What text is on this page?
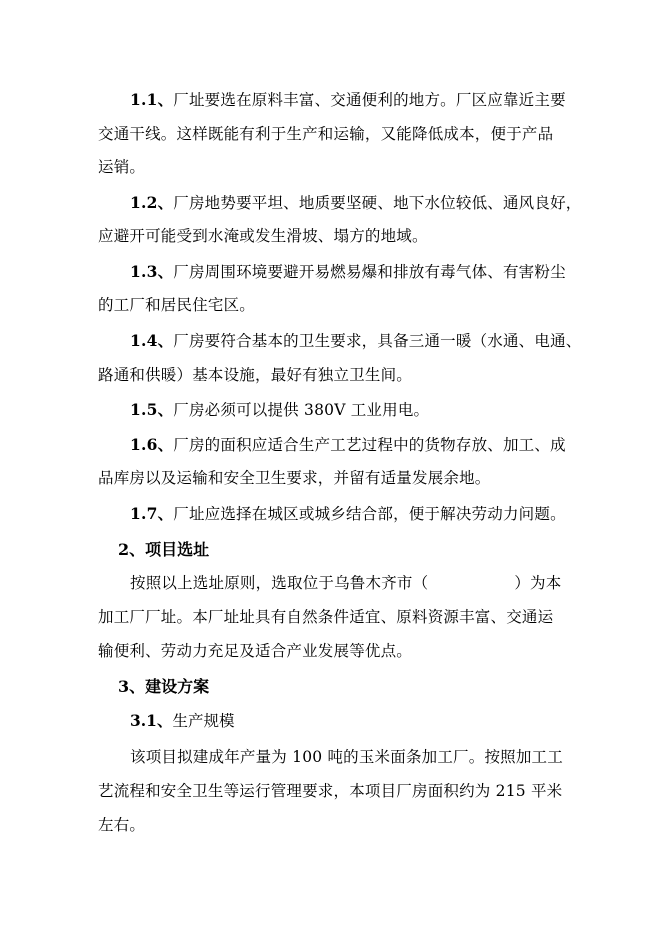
1.1、厂址要选在原料丰富、交通便利的地方。厂区应靠近主要
交通干线。这样既能有利于生产和运输，又能降低成本，便于产品
运销。
1.2、厂房地势要平坦、地质要坚硬、地下水位较低、通风良好，
应避开可能受到水淹或发生滑坡、塌方的地域。
1.3、厂房周围环境要避开易燃易爆和排放有毒气体、有害粉尘
的工厂和居民住宅区。
1.4、厂房要符合基本的卫生要求，具备三通一暖（水通、电通、
路通和供暖）基本设施，最好有独立卫生间。
1.5、厂房必须可以提供 380V 工业用电。
1.6、厂房的面积应适合生产工艺过程中的货物存放、加工、成
品库房以及运输和安全卫生要求，并留有适量发展余地。
1.7、厂址应选择在城区或城乡结合部，便于解决劳动力问题。
2、项目选址
按照以上选址原则，选取位于乌鲁木齐市（	）为本
加工厂厂址。本厂址址具有自然条件适宜、原料资源丰富、交通运
输便利、劳动力充足及适合产业发展等优点。
3、建设方案
3.1、生产规模
该项目拟建成年产量为 100 吨的玉米面条加工厂。按照加工工
艺流程和安全卫生等运行管理要求，本项目厂房面积约为 215 平米
左右。
